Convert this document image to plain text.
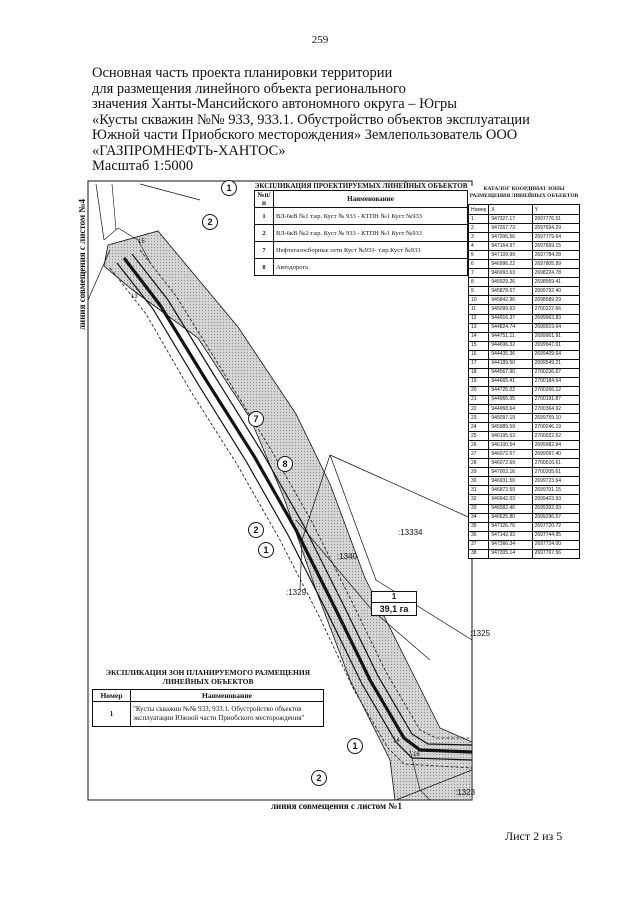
259
Основная часть проекта планировки территории
для размещения линейного объекта регионального
значения Ханты-Мансийского автономного округа – Югры
«Кусты скважин №№ 933, 933.1. Обустройство объектов эксплуатации
Южной части Приобского месторождения» Землепользователь ООО
«ГАЗПРОМНЕФТЬ-ХАНТОС»
Масштаб 1:5000
1
2
7
8
2
1
1
2
15
13
14
16
:13334
:1340
:1329
:1325
:1323
1
39,1 га
линия совмещения с листом №4
линия совмещения с листом №1
ЭКСПЛИКАЦИЯ ПРОЕКТИРУЕМЫХ ЛИНЕЙНЫХ ОБЪЕКТОВ
№п/п	Наименование
1	ВЛ-6кВ №1 т.кр. Куст № 933 - КТПН №1 Куст №933
2	ВЛ-6кВ №2 т.кр. Куст № 933 - КТПН №1 Куст №933
7	Нефтегазосборные сети Куст №933- т.вр.Куст №933
8	Автодорога
КАТАЛОГ КООРДИНАТ ЗОНЫ РАЗМЕЩЕНИЯ ЛИНЕЙНЫХ ОБЪЕКТОВ
Номер	X	Y
1	947327.17	2697776.51
2	947267.73	2697694.29
3	947206.56	2697779.64
4	947164.97	2697669.15
5	947109.99	2697784.28
6	946996.22	2697805.99
7	946993.63	2698224.78
8	945929.26	2698569.41
9	945878.67	2699792.40
10	945842.96	2698589.29
11	945099.63	2700227.66
12	944916.37	2699963.83
13	944824.74	2699919.64
14	944751.11	2699901.91
15	944696.32	2699947.01
16	944435.36	2699409.64
17	944189.50	2699549.21
18	944567.90	2700236.67
19	944665.41	2700184.64
20	944725.02	2700266.12
21	944966.05	2700191.87
22	944968.64	2700364.92
23	945097.19	2699759.10
24	945989.59	2700246.19
25	946195.63	2700022.62
26	946100.54	2699982.94
27	946072.67	2699097.40
28	946072.69	2700516.61
29	947003.16	2700205.61
30	946931.50	2699723.64
31	946872.59	2699701.15
32	946642.03	2699423.93
33	946582.46	2699392.93
34	946625.80	2699296.57
35	947126.76	2697720.72
36	947142.93	2697744.95
37	947366.34	2697724.00
38	947305.14	2697767.56
ЭКСПЛИКАЦИЯ ЗОН ПЛАНИРУЕМОГО РАЗМЕЩЕНИЯ ЛИНЕЙНЫХ ОБЪЕКТОВ
Номер	Наименование
1	"Кусты скважин №№ 933, 933.1. Обустройство объектов эксплуатации Южной части Приобского месторождения"
Лист 2 из 5
